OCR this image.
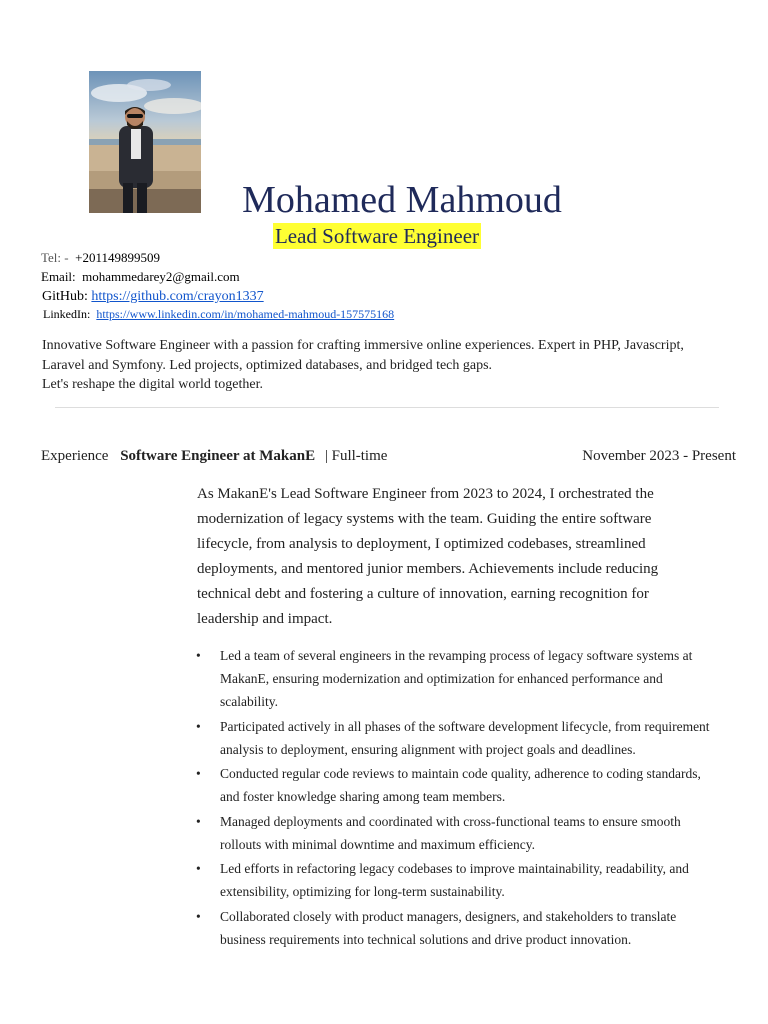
Mohamed Mahmoud
Lead Software Engineer
Tel: - +201149899509
Email: mohammedarey2@gmail.com
GitHub: https://github.com/crayon1337
LinkedIn: https://www.linkedin.com/in/mohamed-mahmoud-157575168

Innovative Software Engineer with a passion for crafting immersive online experiences. Expert in PHP, Javascript, Laravel and Symfony. Led projects, optimized databases, and bridged tech gaps.

Let's reshape the digital world together.

Experience Software Engineer at MakanE | Full-time	November 2023 - Present

As MakanE's Lead Software Engineer from 2023 to 2024, I orchestrated the modernization of legacy systems with the team. Guiding the entire software lifecycle, from analysis to deployment, I optimized codebases, streamlined deployments, and mentored junior members. Achievements include reducing technical debt and fostering a culture of innovation, earning recognition for leadership and impact.

• Led a team of several engineers in the revamping process of legacy software systems at MakanE, ensuring modernization and optimization for enhanced performance and scalability.
• Participated actively in all phases of the software development lifecycle, from requirement analysis to deployment, ensuring alignment with project goals and deadlines.
• Conducted regular code reviews to maintain code quality, adherence to coding standards, and foster knowledge sharing among team members.
• Managed deployments and coordinated with cross-functional teams to ensure smooth rollouts with minimal downtime and maximum efficiency.
• Led efforts in refactoring legacy codebases to improve maintainability, readability, and extensibility, optimizing for long-term sustainability.
• Collaborated closely with product managers, designers, and stakeholders to translate business requirements into technical solutions and drive product innovation.
